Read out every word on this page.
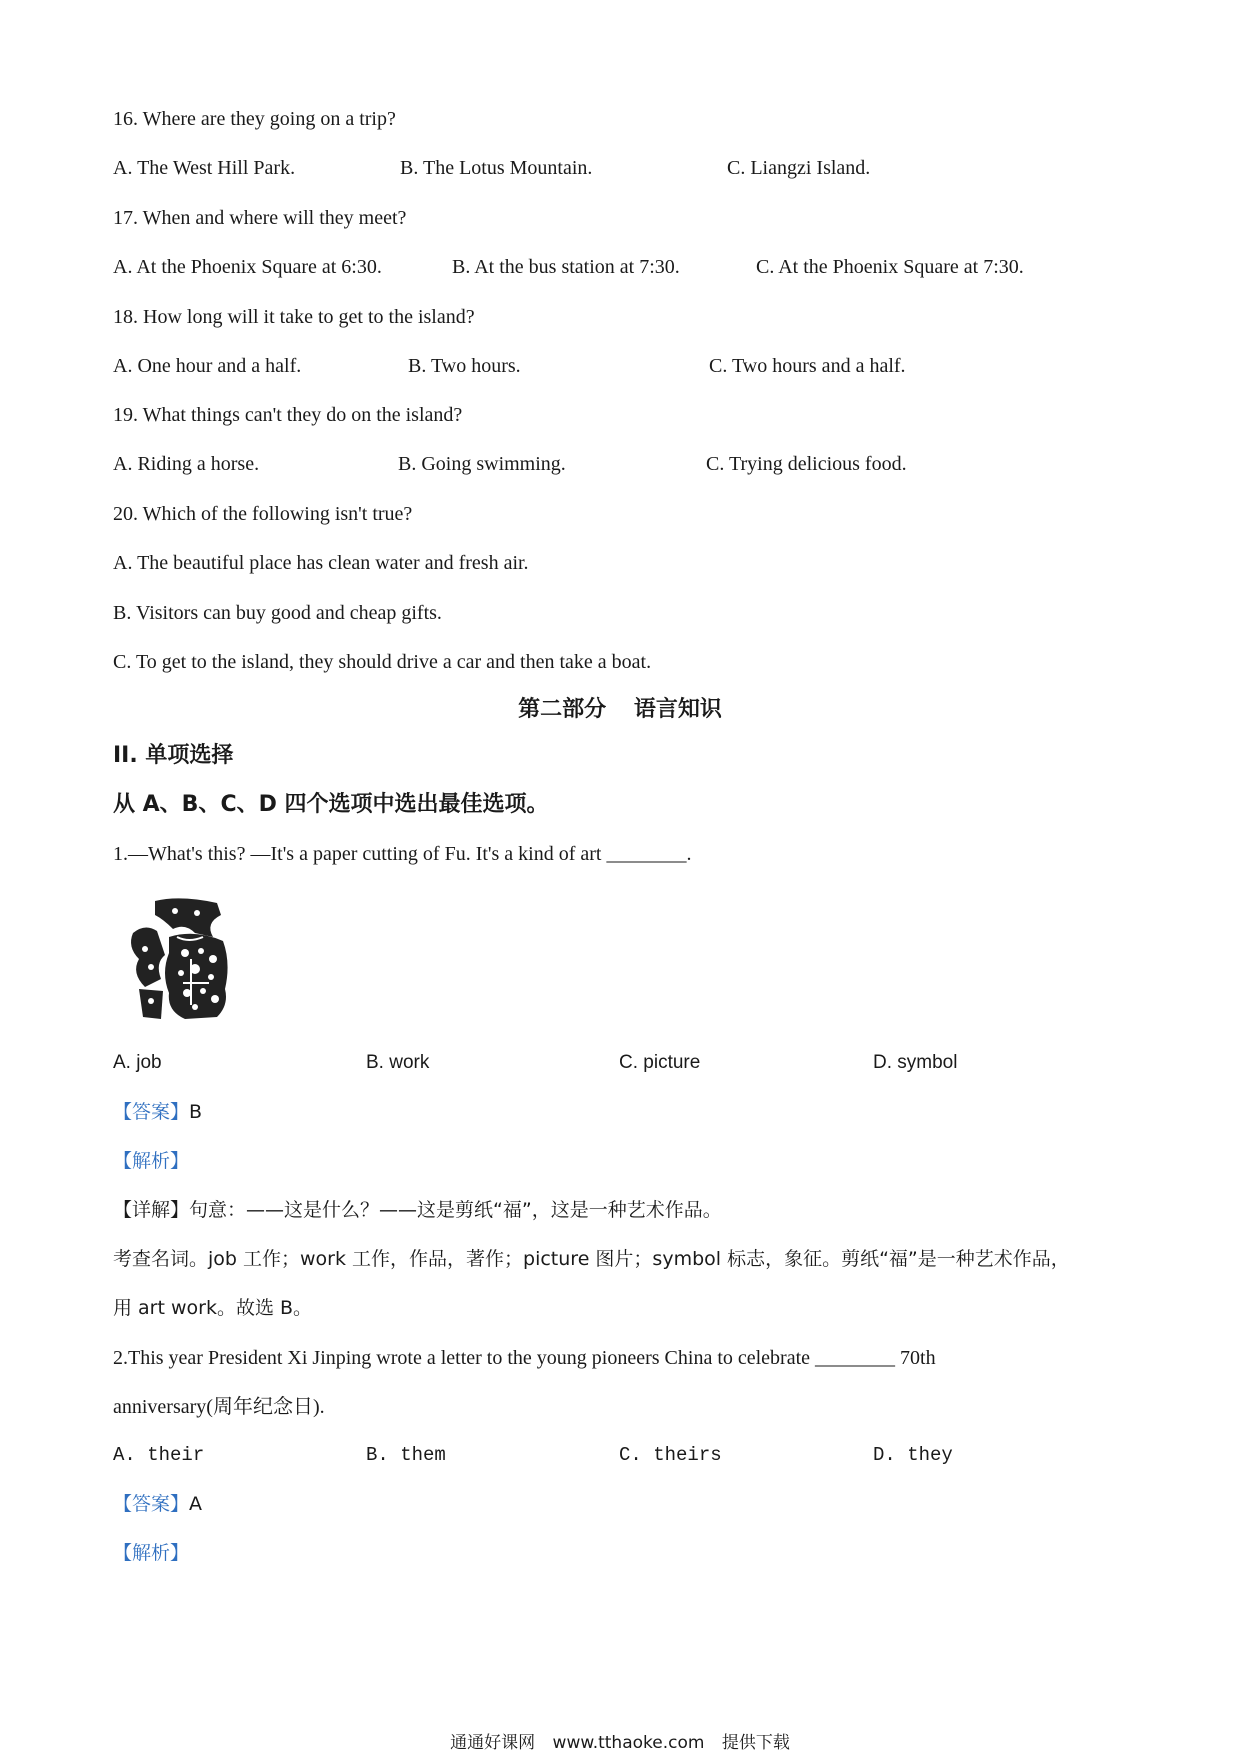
16. Where are they going on a trip?
A. The West Hill Park.	B. The Lotus Mountain.	C. Liangzi Island.
17. When and where will they meet?
A. At the Phoenix Square at 6:30.	B. At the bus station at 7:30.	C. At the Phoenix Square at 7:30.
18. How long will it take to get to the island?
A. One hour and a half.	B. Two hours.	C. Two hours and a half.
19. What things can't they do on the island?
A. Riding a horse.	B. Going swimming.	C. Trying delicious food.
20. Which of the following isn't true?
A. The beautiful place has clean water and fresh air.
B. Visitors can buy good and cheap gifts.
C. To get to the island, they should drive a car and then take a boat.
第二部分 语言知识
II. 单项选择
从 A、B、C、D 四个选项中选出最佳选项。
1.—What's this? —It's a paper cutting of Fu. It's a kind of art ________.
A. job	B. work	C. picture	D. symbol
【答案】B
【解析】
【详解】句意：——这是什么？——这是剪纸“福”，这是一种艺术作品。
考查名词。job 工作；work 工作，作品，著作；picture 图片；symbol 标志，象征。剪纸“福”是一种艺术作品，
用 art work。故选 B。
2.This year President Xi Jinping wrote a letter to the young pioneers China to celebrate ________ 70th
anniversary(周年纪念日).
A. their	B. them	C. theirs	D. they
【答案】A
【解析】
通通好课网 www.tthaoke.com 提供下载
